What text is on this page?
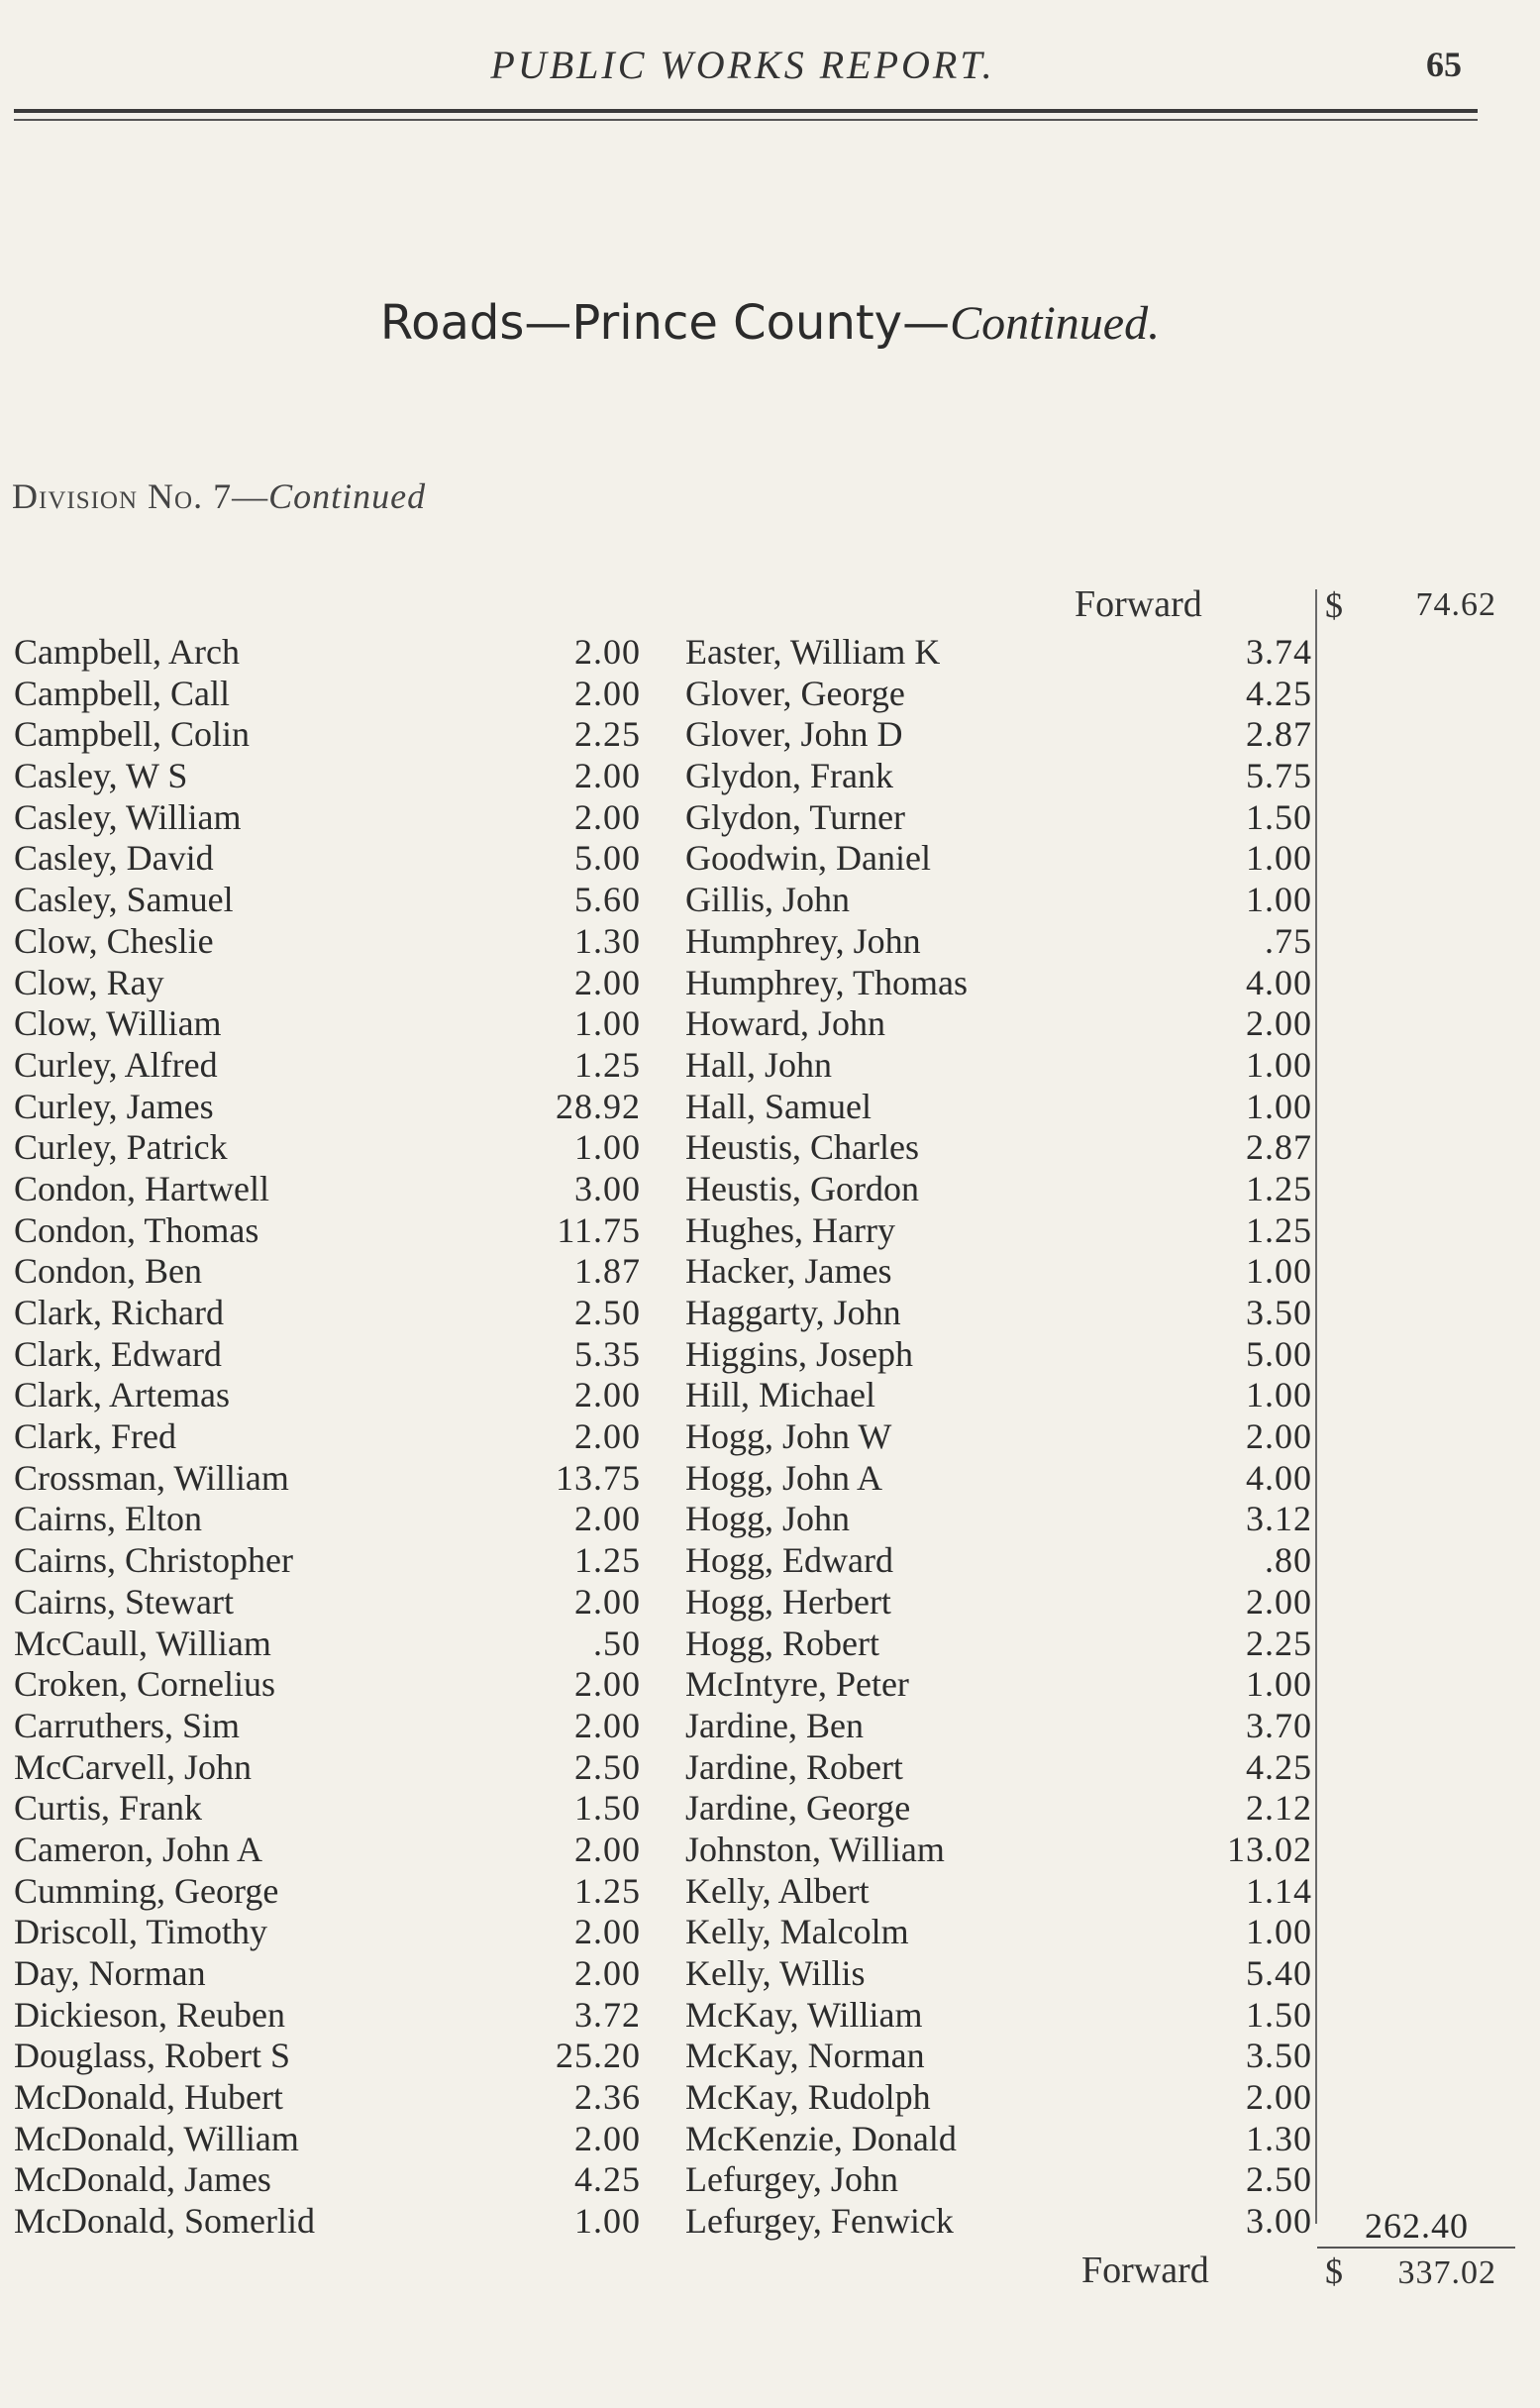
PUBLIC WORKS REPORT.	65
Roads—Prince County—Continued.
Division No. 7—Continued
Forward	$ 74.62
Campbell, Arch	2.00 Easter, William K	3.74
Campbell, Call	2.00 Glover, George	4.25
Campbell, Colin	2.25 Glover, John D	2.87
Casley, W S	2.00 Glydon, Frank	5.75
Casley, William	2.00 Glydon, Turner	1.50
Casley, David	5.00 Goodwin, Daniel	1.00
Casley, Samuel	5.60 Gillis, John	1.00
Clow, Cheslie	1.30 Humphrey, John	.75
Clow, Ray	2.00 Humphrey, Thomas	4.00
Clow, William	1.00 Howard, John	2.00
Curley, Alfred	1.25 Hall, John	1.00
Curley, James	28.92 Hall, Samuel	1.00
Curley, Patrick	1.00 Heustis, Charles	2.87
Condon, Hartwell	3.00 Heustis, Gordon	1.25
Condon, Thomas	11.75 Hughes, Harry	1.25
Condon, Ben	1.87 Hacker, James	1.00
Clark, Richard	2.50 Haggarty, John	3.50
Clark, Edward	5.35 Higgins, Joseph	5.00
Clark, Artemas	2.00 Hill, Michael	1.00
Clark, Fred	2.00 Hogg, John W	2.00
Crossman, William	13.75 Hogg, John A	4.00
Cairns, Elton	2.00 Hogg, John	3.12
Cairns, Christopher	1.25 Hogg, Edward	.80
Cairns, Stewart	2.00 Hogg, Herbert	2.00
McCaull, William	.50 Hogg, Robert	2.25
Croken, Cornelius	2.00 McIntyre, Peter	1.00
Carruthers, Sim	2.00 Jardine, Ben	3.70
McCarvell, John	2.50 Jardine, Robert	4.25
Curtis, Frank	1.50 Jardine, George	2.12
Cameron, John A	2.00 Johnston, William	13.02
Cumming, George	1.25 Kelly, Albert	1.14
Driscoll, Timothy	2.00 Kelly, Malcolm	1.00
Day, Norman	2.00 Kelly, Willis	5.40
Dickieson, Reuben	3.72 McKay, William	1.50
Douglass, Robert S	25.20 McKay, Norman	3.50
McDonald, Hubert	2.36 McKay, Rudolph	2.00
McDonald, William	2.00 McKenzie, Donald	1.30
McDonald, James	4.25 Lefurgey, John	2.50
McDonald, Somerlid	1.00 Lefurgey, Fenwick	3.00 262.40
Forward	$ 337.02
